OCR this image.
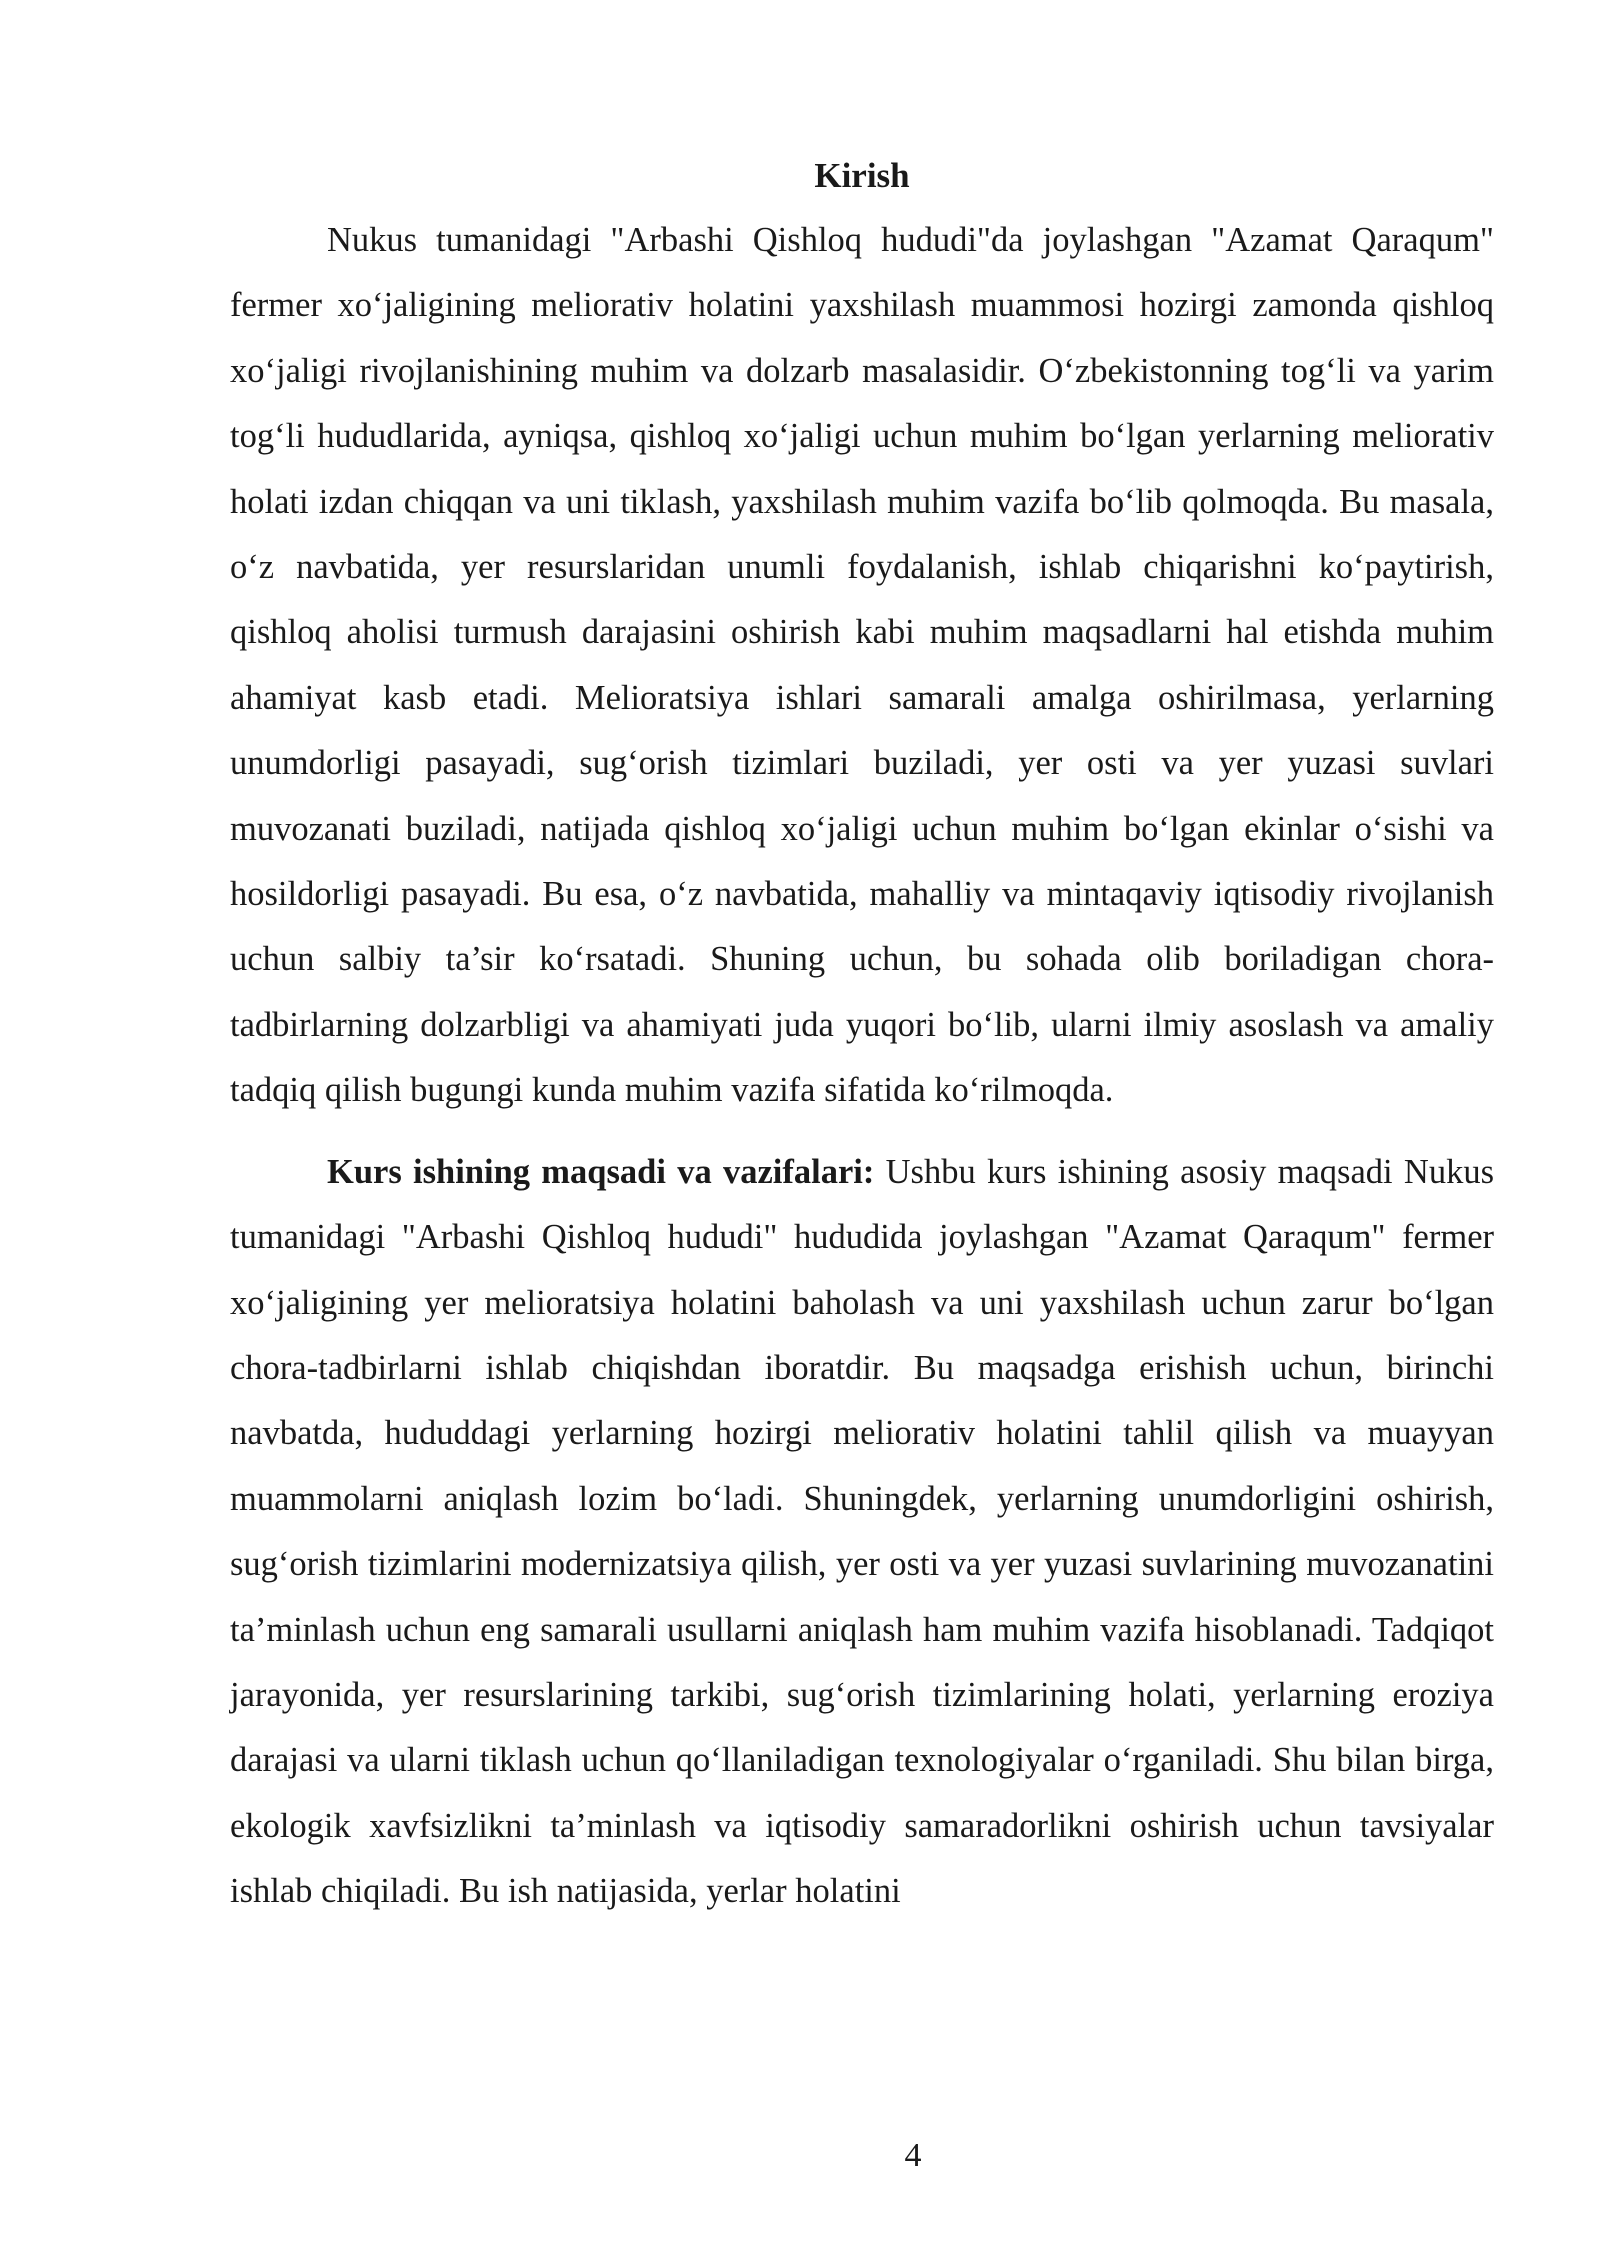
Kirish

Nukus tumanidagi "Arbashi Qishloq hududi"da joylashgan "Azamat Qaraqum" fermer xo‘jaligining meliorativ holatini yaxshilash muammosi hozirgi zamonda qishloq xo‘jaligi rivojlanishining muhim va dolzarb masalasidir. O‘zbekistonning tog‘li va yarim tog‘li hududlarida, ayniqsa, qishloq xo‘jaligi uchun muhim bo‘lgan yerlarning meliorativ holati izdan chiqqan va uni tiklash, yaxshilash muhim vazifa bo‘lib qolmoqda. Bu masala, o‘z navbatida, yer resurslaridan unumli foydalanish, ishlab chiqarishni ko‘paytirish, qishloq aholisi turmush darajasini oshirish kabi muhim maqsadlarni hal etishda muhim ahamiyat kasb etadi. Melioratsiya ishlari samarali amalga oshirilmasa, yerlarning unumdorligi pasayadi, sug‘orish tizimlari buziladi, yer osti va yer yuzasi suvlari muvozanati buziladi, natijada qishloq xo‘jaligi uchun muhim bo‘lgan ekinlar o‘sishi va hosildorligi pasayadi. Bu esa, o‘z navbatida, mahalliy va mintaqaviy iqtisodiy rivojlanish uchun salbiy ta’sir ko‘rsatadi. Shuning uchun, bu sohada olib boriladigan chora-tadbirlarning dolzarbligi va ahamiyati juda yuqori bo‘lib, ularni ilmiy asoslash va amaliy tadqiq qilish bugungi kunda muhim vazifa sifatida ko‘rilmoqda.

Kurs ishining maqsadi va vazifalari: Ushbu kurs ishining asosiy maqsadi Nukus tumanidagi "Arbashi Qishloq hududi" hududida joylashgan "Azamat Qaraqum" fermer xo‘jaligining yer melioratsiya holatini baholash va uni yaxshilash uchun zarur bo‘lgan chora-tadbirlarni ishlab chiqishdan iboratdir. Bu maqsadga erishish uchun, birinchi navbatda, hududdagi yerlarning hozirgi meliorativ holatini tahlil qilish va muayyan muammolarni aniqlash lozim bo‘ladi. Shuningdek, yerlarning unumdorligini oshirish, sug‘orish tizimlarini modernizatsiya qilish, yer osti va yer yuzasi suvlarining muvozanatini ta’minlash uchun eng samarali usullarni aniqlash ham muhim vazifa hisoblanadi. Tadqiqot jarayonida, yer resurslarining tarkibi, sug‘orish tizimlarining holati, yerlarning eroziya darajasi va ularni tiklash uchun qo‘llaniladigan texnologiyalar o‘rganiladi. Shu bilan birga, ekologik xavfsizlikni ta’minlash va iqtisodiy samaradorlikni oshirish uchun tavsiyalar ishlab chiqiladi. Bu ish natijasida, yerlar holatini

4
